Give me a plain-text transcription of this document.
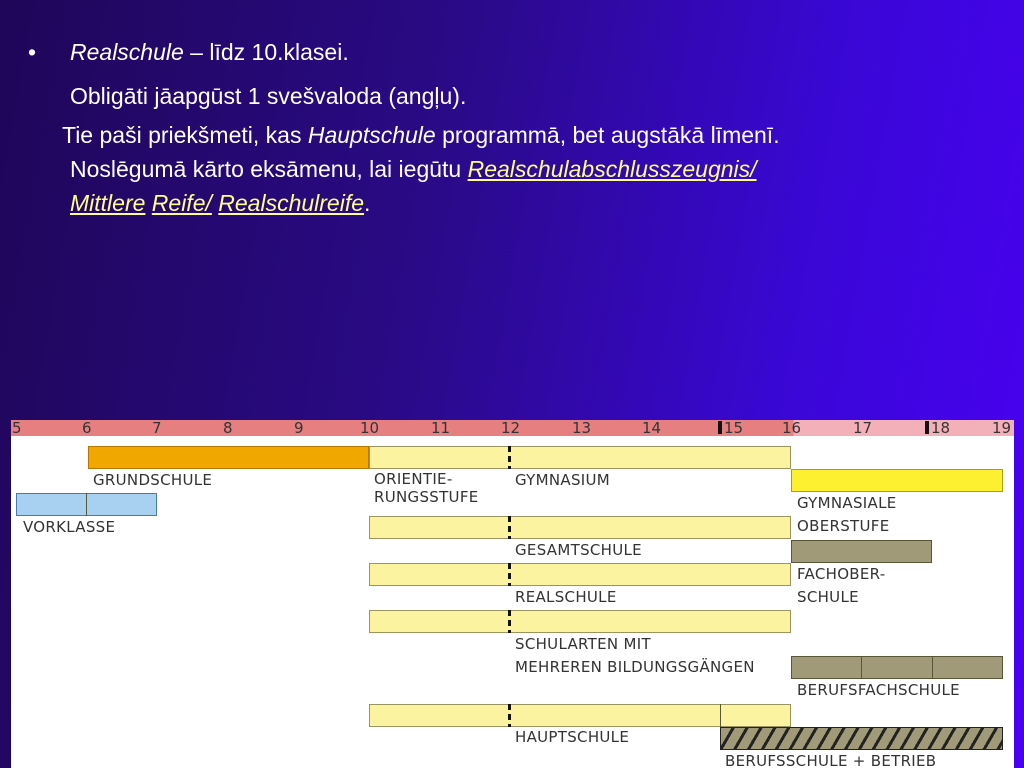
• Realschule – līdz 10.klasei.
Obligāti jāapgūst 1 svešvaloda (angļu).
Tie paši priekšmeti, kas Hauptschule programmā, bet augstākā līmenī.
Noslēgumā kārto eksāmenu, lai iegūtu Realschulabschlusszeugnis/
Mittlere Reife/ Realschulreife.
5	6	7	8	9	10	11	12	13	14	15	16	17	18	19
GRUNDSCHULE
VORKLASSE
ORIENTIE-
RUNGSSTUFE
GYMNASIUM
GYMNASIALE
OBERSTUFE
GESAMTSCHULE
FACHOBER-
SCHULE
REALSCHULE
SCHULARTEN MIT
MEHREREN BILDUNGSGÄNGEN
BERUFSFACHSCHULE
HAUPTSCHULE
BERUFSSCHULE + BETRIEB
